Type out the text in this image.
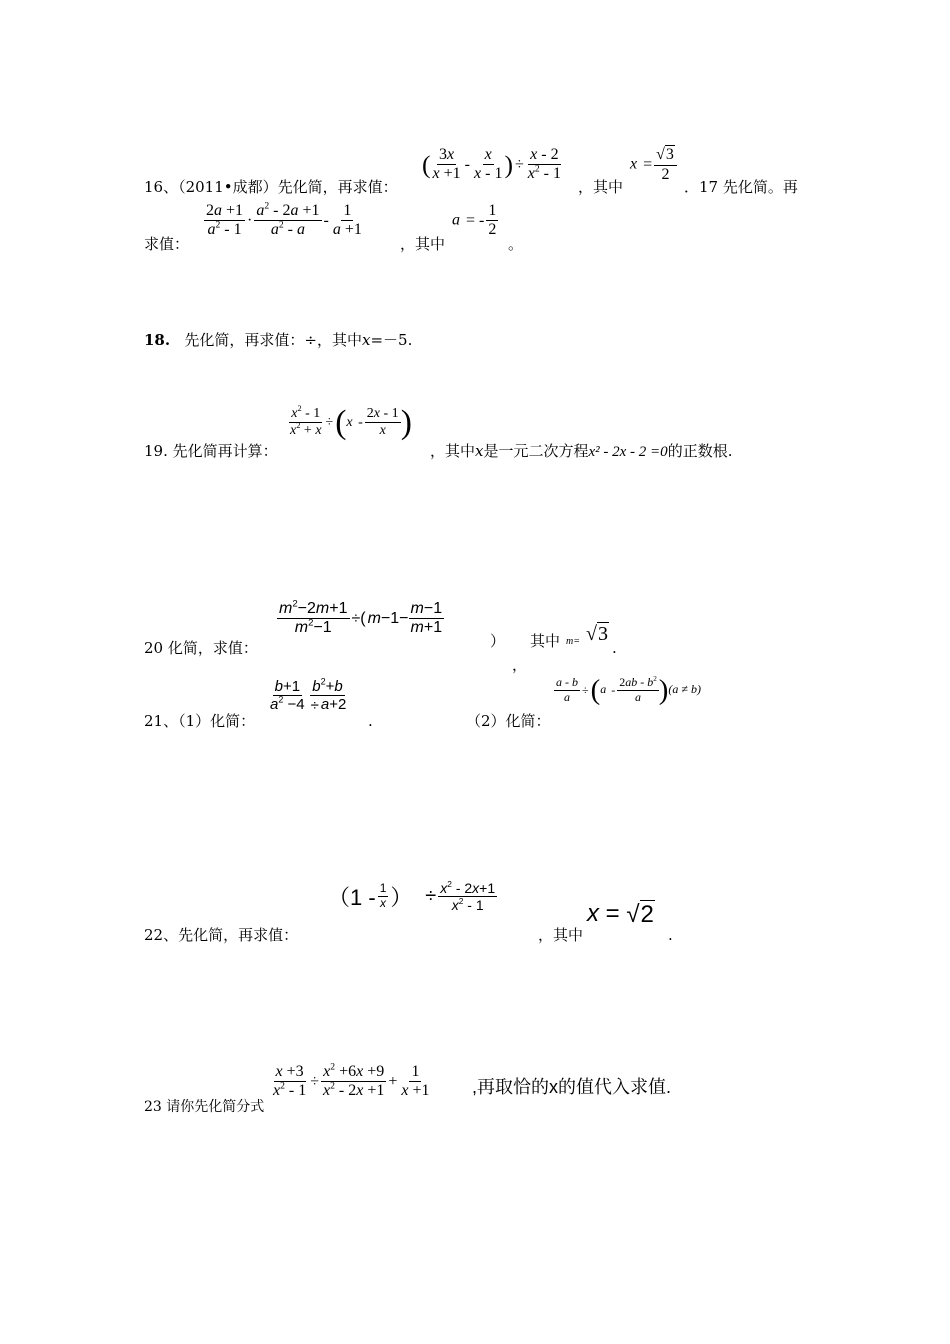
16、（2011•成都）先化简，再求值：
( $\frac{3x}{x +1} - \frac{x}{x - 1}$ ) ÷ $\frac{x - 2}{x^2 - 1}$
，其中
$x = \frac{√3}{2}$
．17 先化简。再
求值：
$\frac{2a +1}{a^2 - 1} \cdot \frac{a^2 - 2a +1}{a^2 - a} - \frac{1}{a +1}$
，其中
a = - $\frac{1}{2}$
。
18. 先化简，再求值：÷，其中x=－5.
19. 先化简再计算：
$\frac{x^2 - 1}{x^2 + x} \div(x - \frac{2x - 1}{x}$ )
，其中x是一元二次方程x² - 2x - 2 =0的正数根.
20 化简，求值：
$\frac{m^2-2m+1}{m^2-1}$ ÷( $m-1- \frac{m-1}{m+1}$
）
，
其中 m= √3
.
21、（1）化简：
$\frac{b+1}{a^2 -4} \frac{b^2+b}{\div a+2}$
.	（2）化简：
$\frac{a - b}{a} \div(a - \frac{2ab - b^2}{a} )(a \ne b)$
22、先化简，再求值：
（$1 - \frac{1}{x}$ ） ÷ $\frac{x^2 - 2x+1}{x^2 - 1}$
，其中
x = √2
.
23 请你先化简分式
$\frac{x +3}{x^2 - 1} \div \frac{x^2 +6x +9}{x^2 - 2x +1} + \frac{1}{x +1}$ ,再取恰的x的值代入求值.
